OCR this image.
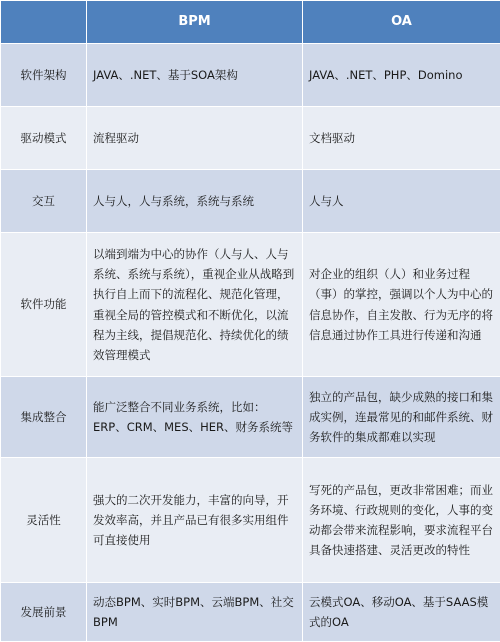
	BPM	OA
软件架构	JAVA、.NET、基于SOA架构	JAVA、.NET、PHP、Domino
驱动模式	流程驱动	文档驱动
交互	人与人，人与系统，系统与系统	人与人
软件功能	以端到端为中心的协作（人与人、人与系统、系统与系统），重视企业从战略到执行自上而下的流程化、规范化管理，重视全局的管控模式和不断优化，以流程为主线，提倡规范化、持续优化的绩效管理模式	对企业的组织（人）和业务过程（事）的掌控，强调以个人为中心的信息协作，自主发散、行为无序的将信息通过协作工具进行传递和沟通
集成整合	能广泛整合不同业务系统，比如：ERP、CRM、MES、HER、财务系统等	独立的产品包，缺少成熟的接口和集成实例，连最常见的和邮件系统、财务软件的集成都难以实现
灵活性	强大的二次开发能力，丰富的向导，开发效率高，并且产品已有很多实用组件可直接使用	写死的产品包，更改非常困难；而业务环境、行政规则的变化，人事的变动都会带来流程影响，要求流程平台具备快速搭建、灵活更改的特性
发展前景	动态BPM、实时BPM、云端BPM、社交BPM	云模式OA、移动OA、基于SAAS模式的OA
